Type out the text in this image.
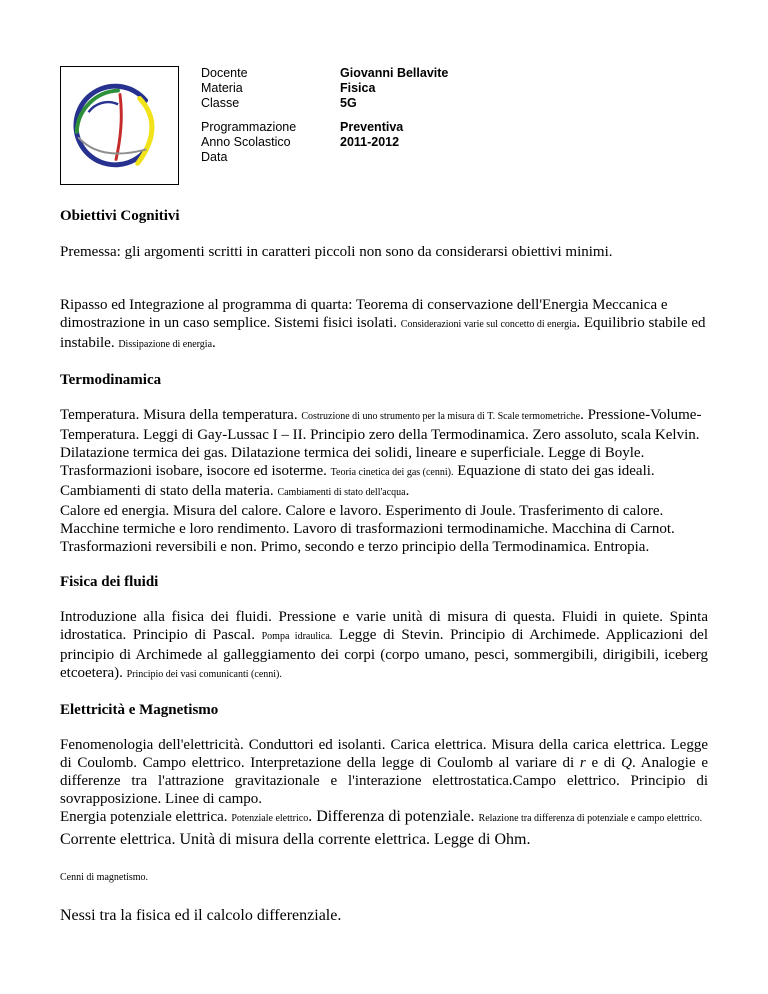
Docente
Materia
Classe
Giovanni Bellavite
Fisica
5G
Programmazione
Anno Scolastico
Data
Preventiva
2011-2012
Obiettivi Cognitivi

Premessa: gli argomenti scritti in caratteri piccoli non sono da considerarsi obiettivi minimi.

Ripasso ed Integrazione al programma di quarta: Teorema di conservazione dell'Energia Meccanica e dimostrazione in un caso semplice. Sistemi fisici isolati. Considerazioni varie sul concetto di energia. Equilibrio stabile ed instabile. Dissipazione di energia.

Termodinamica

Temperatura. Misura della temperatura. Costruzione di uno strumento per la misura di T. Scale termometriche. Pressione-Volume-Temperatura. Leggi di Gay-Lussac I – II. Principio zero della Termodinamica. Zero assoluto, scala Kelvin. Dilatazione termica dei gas. Dilatazione termica dei solidi, lineare e superficiale. Legge di Boyle. Trasformazioni isobare, isocore ed isoterme. Teoria cinetica dei gas (cenni). Equazione di stato dei gas ideali. Cambiamenti di stato della materia. Cambiamenti di stato dell'acqua.

Calore ed energia. Misura del calore. Calore e lavoro. Esperimento di Joule. Trasferimento di calore. Macchine termiche e loro rendimento. Lavoro di trasformazioni termodinamiche. Macchina di Carnot. Trasformazioni reversibili e non. Primo, secondo e terzo principio della Termodinamica. Entropia.

Fisica dei fluidi

Introduzione alla fisica dei fluidi. Pressione e varie unità di misura di questa. Fluidi in quiete. Spinta idrostatica. Principio di Pascal. Pompa idraulica. Legge di Stevin. Principio di Archimede. Applicazioni del principio di Archimede al galleggiamento dei corpi (corpo umano, pesci, sommergibili, dirigibili, iceberg etcoetera). Principio dei vasi comunicanti (cenni).

Elettricità e Magnetismo

Fenomenologia dell'elettricità. Conduttori ed isolanti. Carica elettrica. Misura della carica elettrica. Legge di Coulomb. Campo elettrico. Interpretazione della legge di Coulomb al variare di r e di Q. Analogie e differenze tra l'attrazione gravitazionale e l'interazione elettrostatica.Campo elettrico. Principio di sovrapposizione. Linee di campo.

Energia potenziale elettrica. Potenziale elettrico. Differenza di potenziale. Relazione tra differenza di potenziale e campo elettrico.

Corrente elettrica. Unità di misura della corrente elettrica. Legge di Ohm.

Cenni di magnetismo.

Nessi tra la fisica ed il calcolo differenziale.
